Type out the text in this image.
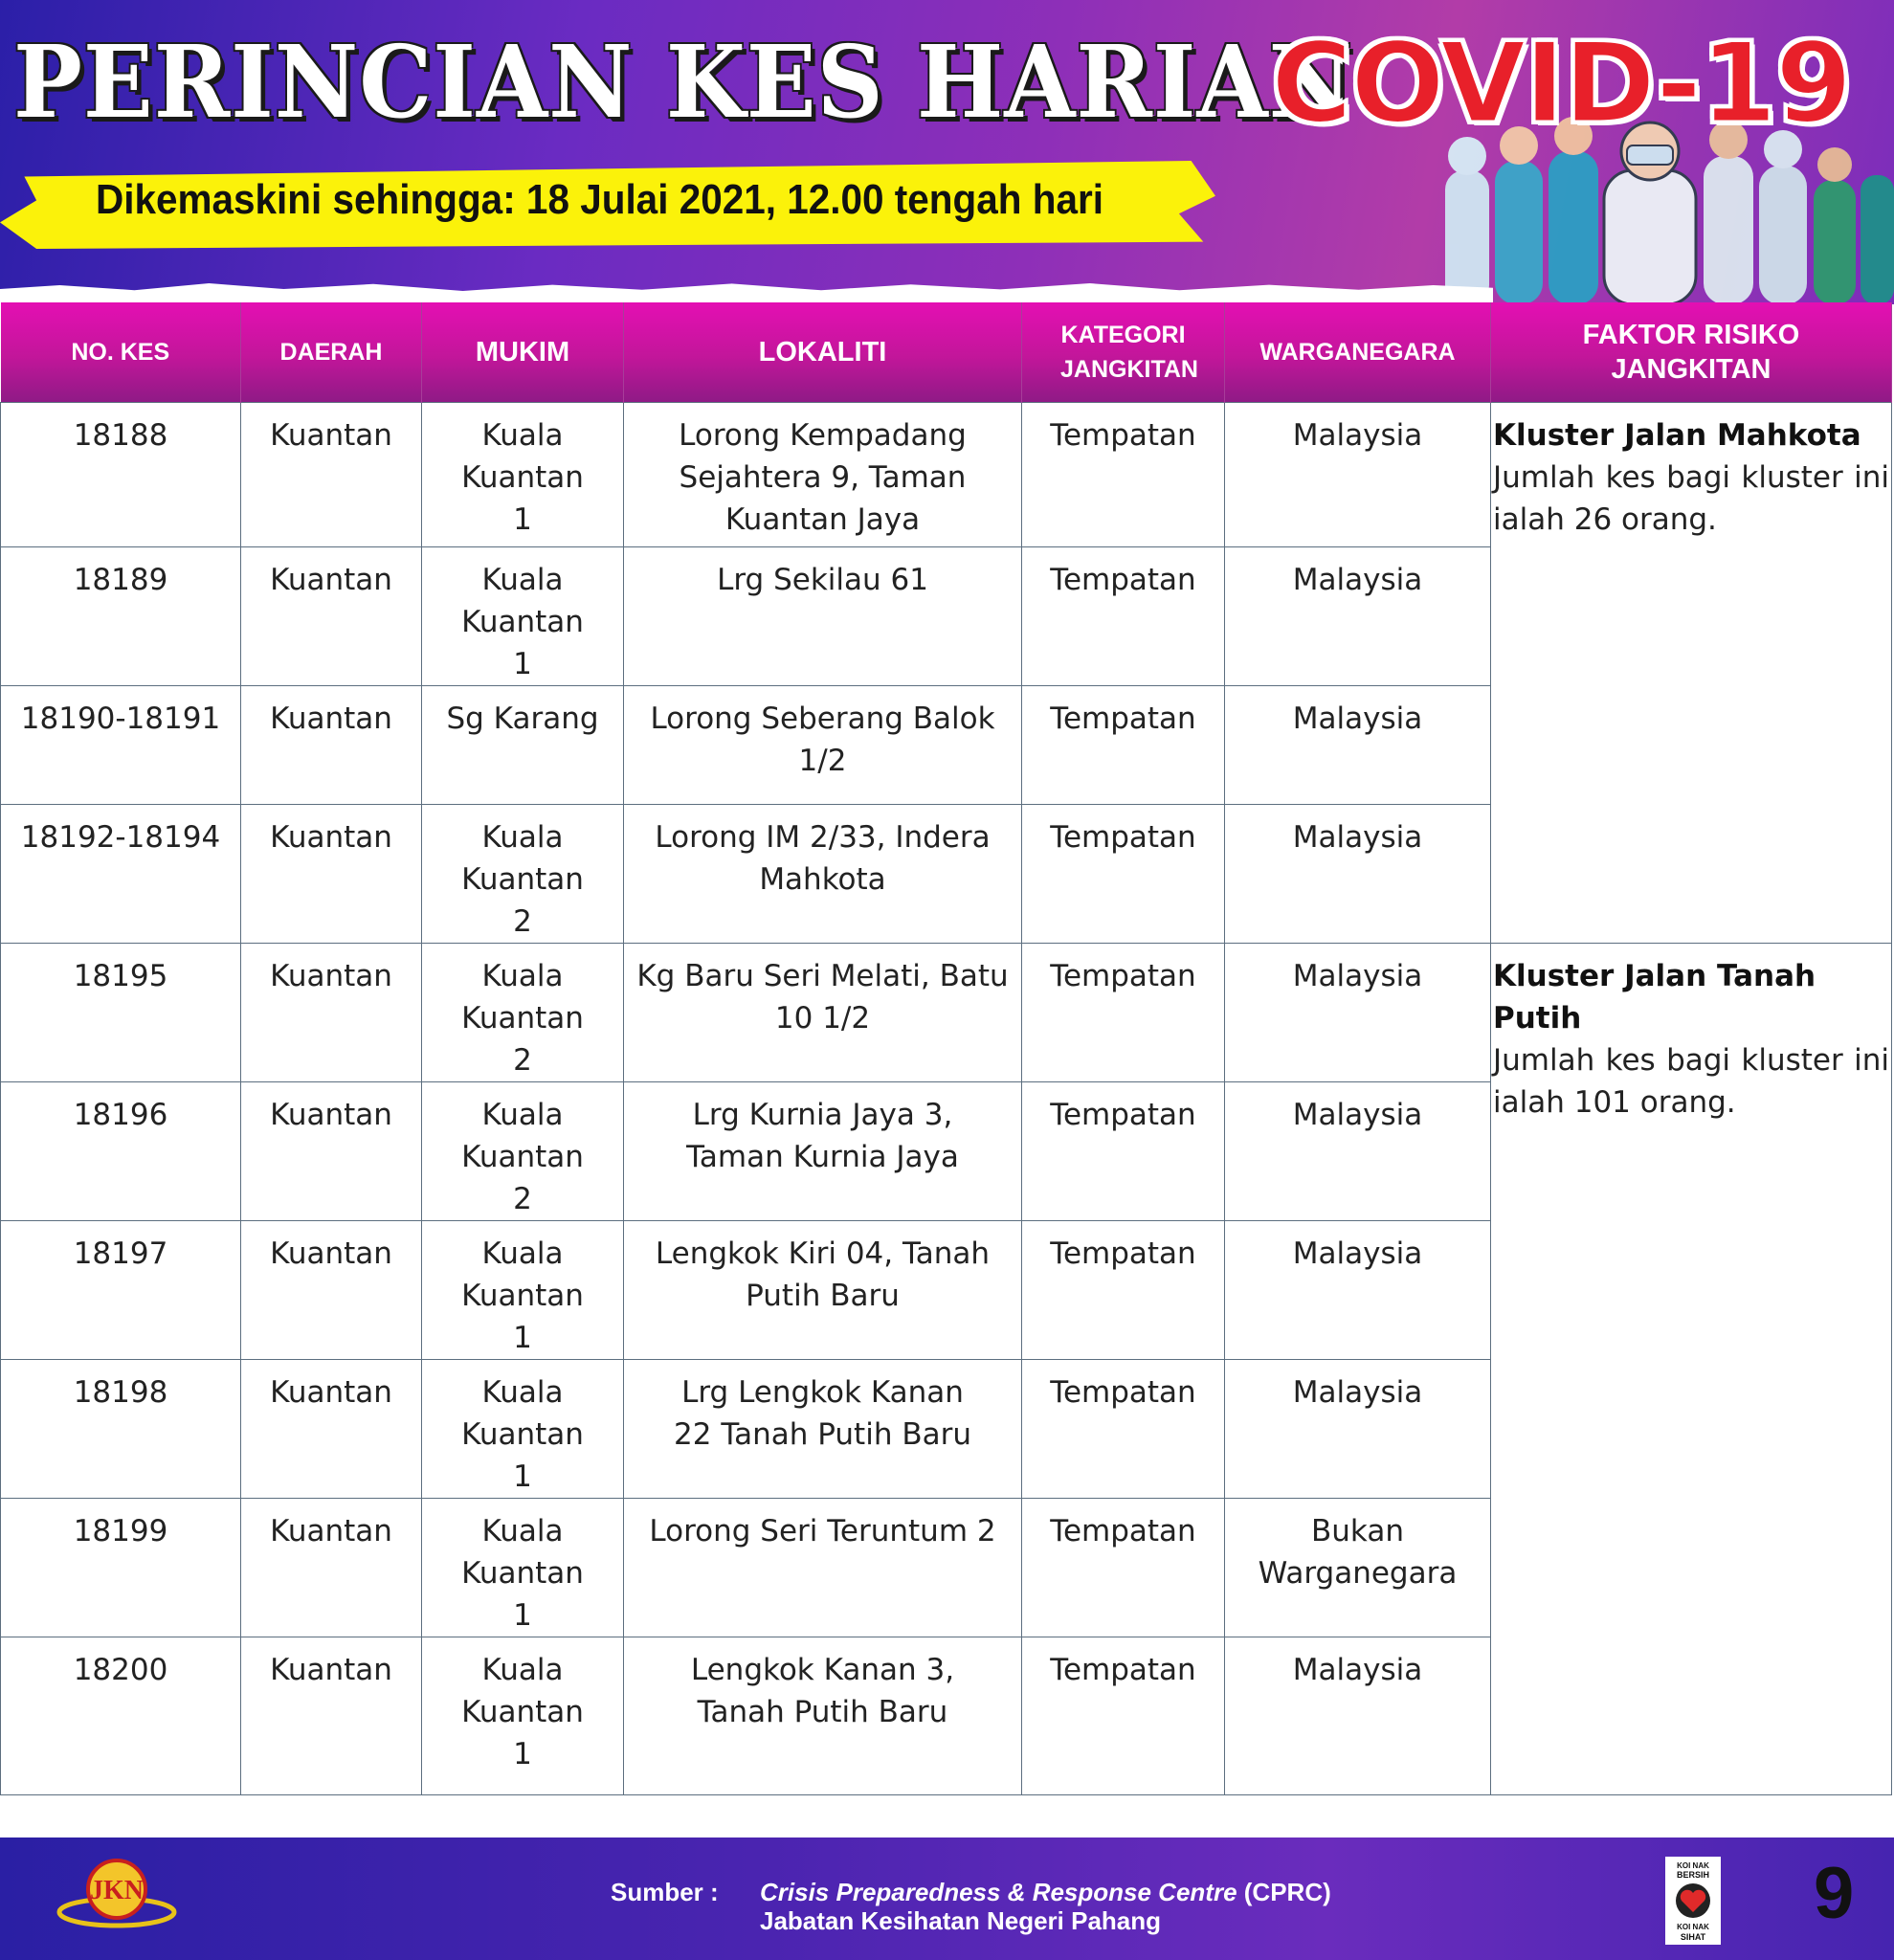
PERINCIAN KES HARIAN
COVID-19
Dikemaskini sehingga: 18 Julai 2021, 12.00 tengah hari
NO. KES	DAERAH	MUKIM	LOKALITI	KATEGORI JANGKITAN	WARGANEGARA	FAKTOR RISIKO JANGKITAN
18188	Kuantan	Kuala Kuantan 1	Lorong Kempadang Sejahtera 9, Taman Kuantan Jaya	Tempatan	Malaysia	Kluster Jalan Mahkota
Jumlah kes bagi kluster ini ialah 26 orang.

18189	Kuantan	Kuala Kuantan 1	Lrg Sekilau 61	Tempatan	Malaysia	
18190-18191	Kuantan	Sg Karang	Lorong Seberang Balok 1/2	Tempatan	Malaysia	
18192-18194	Kuantan	Kuala Kuantan 2	Lorong IM 2/33, Indera Mahkota	Tempatan	Malaysia	
18195	Kuantan	Kuala Kuantan 2	Kg Baru Seri Melati, Batu 10 1/2	Tempatan	Malaysia	Kluster Jalan Tanah Putih
Jumlah kes bagi kluster ini ialah 101 orang.

18196	Kuantan	Kuala Kuantan 2	Lrg Kurnia Jaya 3, Taman Kurnia Jaya	Tempatan	Malaysia	
18197	Kuantan	Kuala Kuantan 1	Lengkok Kiri 04, Tanah Putih Baru	Tempatan	Malaysia	
18198	Kuantan	Kuala Kuantan 1	Lrg Lengkok Kanan 22 Tanah Putih Baru	Tempatan	Malaysia	
18199	Kuantan	Kuala Kuantan 1	Lorong Seri Teruntum 2	Tempatan	Bukan Warganegara	
18200	Kuantan	Kuala Kuantan 1	Lengkok Kanan 3, Tanah Putih Baru	Tempatan	Malaysia	
JKN	Sumber : Crisis Preparedness & Response Centre (CPRC)
Jabatan Kesihatan Negeri Pahang
KOI NAK
BERSIH
KOI NAK
SIHAT
9
